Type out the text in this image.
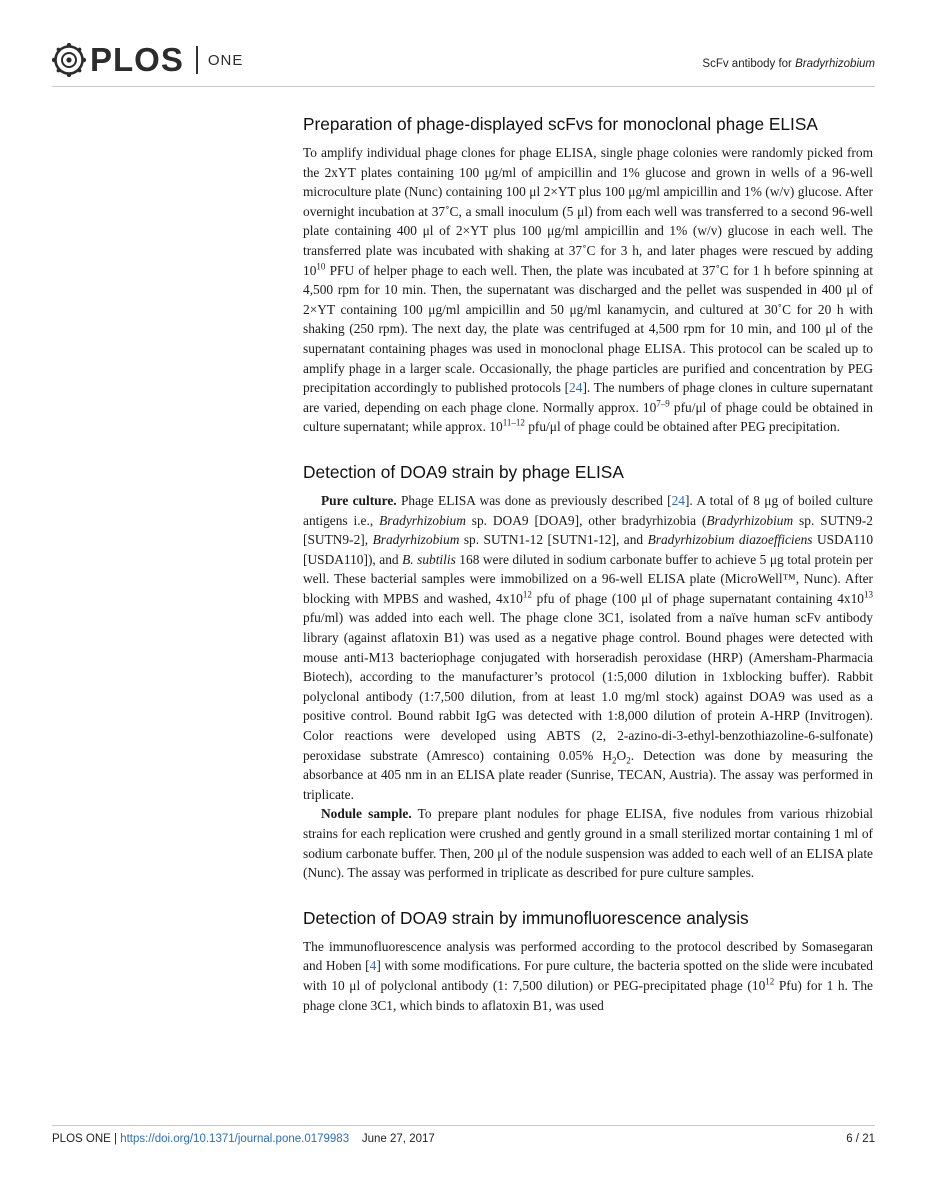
PLOS ONE	ScFv antibody for Bradyrhizobium
Preparation of phage-displayed scFvs for monoclonal phage ELISA

To amplify individual phage clones for phage ELISA, single phage colonies were randomly picked from the 2xYT plates containing 100 μg/ml of ampicillin and 1% glucose and grown in wells of a 96-well microculture plate (Nunc) containing 100 μl 2×YT plus 100 μg/ml ampicillin and 1% (w/v) glucose. After overnight incubation at 37˚C, a small inoculum (5 μl) from each well was transferred to a second 96-well plate containing 400 μl of 2×YT plus 100 μg/ml ampicillin and 1% (w/v) glucose in each well. The transferred plate was incubated with shaking at 37˚C for 3 h, and later phages were rescued by adding $10^{10}$ PFU of helper phage to each well. Then, the plate was incubated at 37˚C for 1 h before spinning at 4,500 rpm for 10 min. Then, the supernatant was discharged and the pellet was suspended in 400 μl of 2×YT containing 100 μg/ml ampicillin and 50 μg/ml kanamycin, and cultured at 30˚C for 20 h with shaking (250 rpm). The next day, the plate was centrifuged at 4,500 rpm for 10 min, and 100 μl of the supernatant containing phages was used in monoclonal phage ELISA. This protocol can be scaled up to amplify phage in a larger scale. Occasionally, the phage particles are purified and concentration by PEG precipitation accordingly to published protocols [24]. The numbers of phage clones in culture supernatant are varied, depending on each phage clone. Normally approx. 10$^{7-9}$ pfu/μl of phage could be obtained in culture supernatant; while approx. 10$^{11-12}$ pfu/μl of phage could be obtained after PEG precipitation.

Detection of DOA9 strain by phage ELISA

Pure culture. Phage ELISA was done as previously described [24]. A total of 8 μg of boiled culture antigens i.e., Bradyrhizobium sp. DOA9 [DOA9], other bradyrhizobia (Bradyrhizobium sp. SUTN9-2 [SUTN9-2], Bradyrhizobium sp. SUTN1-12 [SUTN1-12], and Bradyrhizobium diazoefficiens USDA110 [USDA110]), and B. subtilis 168 were diluted in sodium carbonate buffer to achieve 5 μg total protein per well. These bacterial samples were immobilized on a 96-well ELISA plate (MicroWell™, Nunc). After blocking with MPBS and washed, $4x10^{12}$ pfu of phage (100 μl of phage supernatant containing $4x10^{13}$ pfu/ml) was added into each well. The phage clone 3C1, isolated from a naïve human scFv antibody library (against aflatoxin B1) was used as a negative phage control. Bound phages were detected with mouse anti-M13 bacteriophage conjugated with horseradish peroxidase (HRP) (Amersham-Pharmacia Biotech), according to the manufacturer’s protocol (1:5,000 dilution in 1xblocking buffer). Rabbit polyclonal antibody (1:7,500 dilution, from at least 1.0 mg/ml stock) against DOA9 was used as a positive control. Bound rabbit IgG was detected with 1:8,000 dilution of protein A-HRP (Invitrogen). Color reactions were developed using ABTS (2, 2-azino-di-3-ethyl-benzothiazoline-6-sulfonate) peroxidase substrate (Amresco) containing 0.05% $H_2O_2$. Detection was done by measuring the absorbance at 405 nm in an ELISA plate reader (Sunrise, TECAN, Austria). The assay was performed in triplicate.

Nodule sample. To prepare plant nodules for phage ELISA, five nodules from various rhizobial strains for each replication were crushed and gently ground in a small sterilized mortar containing 1 ml of sodium carbonate buffer. Then, 200 μl of the nodule suspension was added to each well of an ELISA plate (Nunc). The assay was performed in triplicate as described for pure culture samples.

Detection of DOA9 strain by immunofluorescence analysis

The immunofluorescence analysis was performed according to the protocol described by Somasegaran and Hoben [4] with some modifications. For pure culture, the bacteria spotted on the slide were incubated with 10 μl of polyclonal antibody (1: 7,500 dilution) or PEG-precipitated phage ($10^{12}$ Pfu) for 1 h. The phage clone 3C1, which binds to aflatoxin B1, was used

PLOS ONE | https://doi.org/10.1371/journal.pone.0179983 June 27, 2017	6 / 21
